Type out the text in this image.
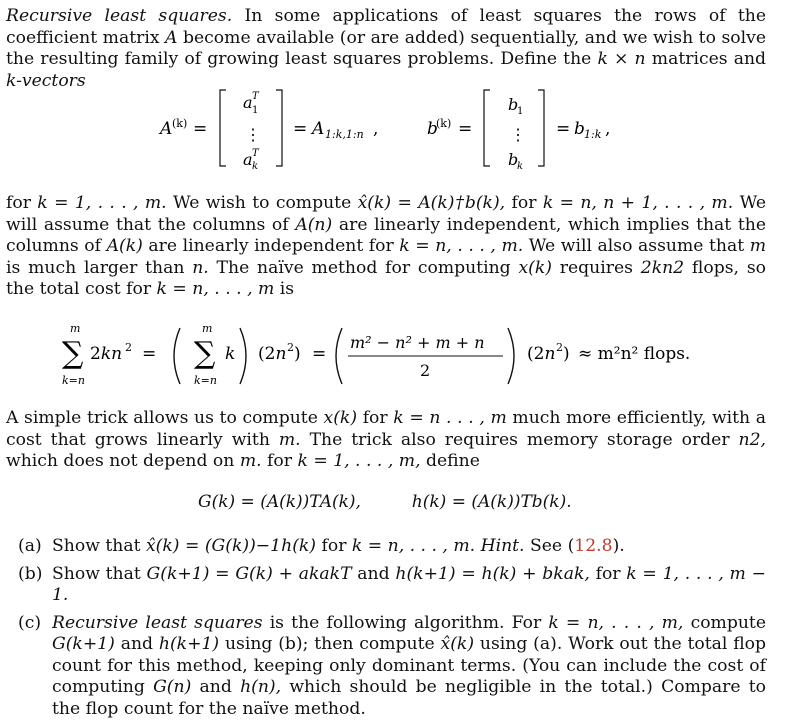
Recursive least squares. In some applications of least squares the rows of the coefficient matrix A become available (or are added) sequentially, and we wish to solve the resulting family of growing least squares problems. Define the k × n matrices and k-vectors
A (k) =
a T
1
⋮
a T
k
= A 1:k,1:n ,	b
(k) =
b
1
⋮
b
k
= b 1:k ,
for k = 1, . . . , m. We wish to compute x̂(k) = A(k)†b(k), for k = n, n + 1, . . . , m. We will assume that the columns of A(n) are linearly independent, which implies that the columns of A(k) are linearly independent for k = n, . . . , m. We will also assume that m is much larger than n. The naïve method for computing x(k) requires 2kn2 flops, so the total cost for k = n, . . . , m is
m
∑
k=n
2kn 2 =
m
∑
k=n
k (2n 2 ) =
m² − n² + m + n
2
(2n 2 ) ≈ m²n² flops.
A simple trick allows us to compute x(k) for k = n . . . , m much more efficiently, with a cost that grows linearly with m. The trick also requires memory storage order n2, which does not depend on m. for k = 1, . . . , m, define
G(k) = (A(k))TA(k),	h(k) = (A(k))Tb(k).
(a) Show that x̂(k) = (G(k))−1h(k) for k = n, . . . , m. Hint. See (12.8).
(b) Show that G(k+1) = G(k) + akakT and h(k+1) = h(k) + bkak, for k = 1, . . . , m − 1.
(c) Recursive least squares is the following algorithm. For k = n, . . . , m, compute G(k+1) and h(k+1) using (b); then compute x̂(k) using (a). Work out the total flop count for this method, keeping only dominant terms. (You can include the cost of computing G(n) and h(n), which should be negligible in the total.) Compare to the flop count for the naïve method.
